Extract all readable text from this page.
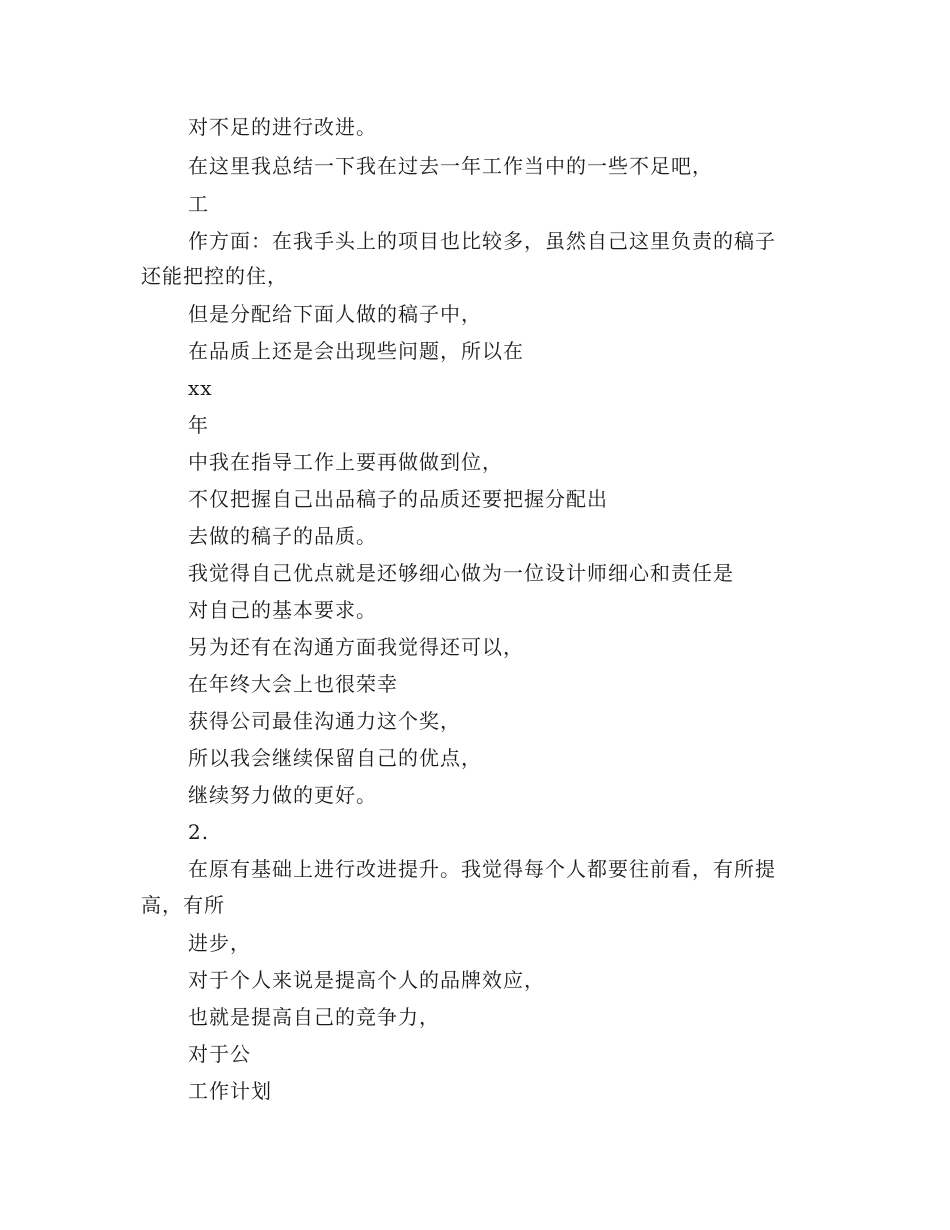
对不足的进行改进。
在这里我总结一下我在过去一年工作当中的一些不足吧，
工
作方面：在我手头上的项目也比较多，虽然自己这里负责的稿子
还能把控的住，
但是分配给下面人做的稿子中，
在品质上还是会出现些问题，所以在
xx
年
中我在指导工作上要再做做到位，
不仅把握自己出品稿子的品质还要把握分配出
去做的稿子的品质。
我觉得自己优点就是还够细心做为一位设计师细心和责任是
对自己的基本要求。
另为还有在沟通方面我觉得还可以，
在年终大会上也很荣幸
获得公司最佳沟通力这个奖，
所以我会继续保留自己的优点，
继续努力做的更好。
2.
在原有基础上进行改进提升。我觉得每个人都要往前看，有所提
高，有所
进步，
对于个人来说是提高个人的品牌效应，
也就是提高自己的竞争力，
对于公
工作计划
